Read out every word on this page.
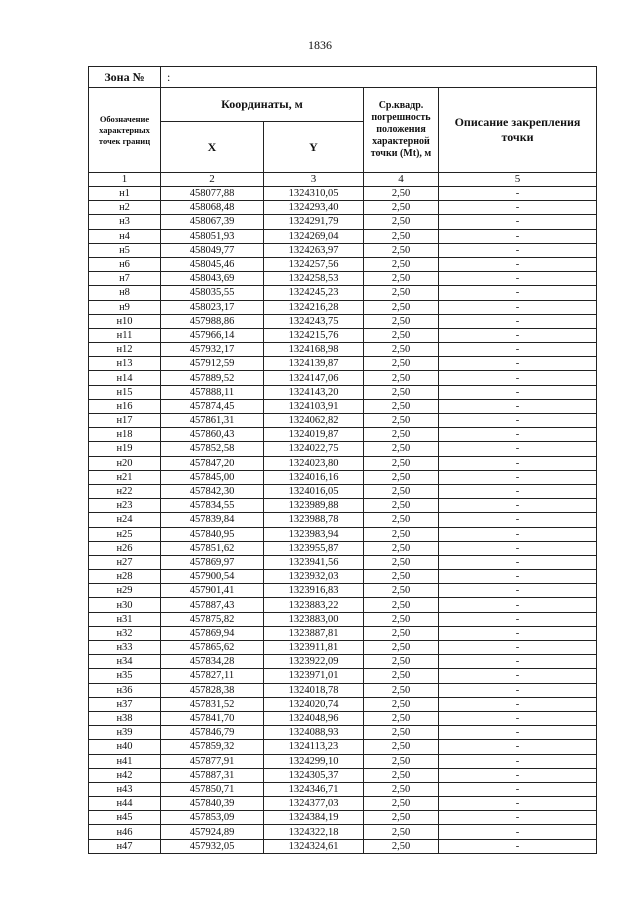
1836
Зона №	:			
Обозначение характерных точек границ	Координаты, м		Ср.квадр. погрешность положения характерной точки (Mt), м	Описание закрепления точки
	X	Y		
1	2	3	4	5
н1	458077,88	1324310,05	2,50	-
н2	458068,48	1324293,40	2,50	-
н3	458067,39	1324291,79	2,50	-
н4	458051,93	1324269,04	2,50	-
н5	458049,77	1324263,97	2,50	-
н6	458045,46	1324257,56	2,50	-
н7	458043,69	1324258,53	2,50	-
н8	458035,55	1324245,23	2,50	-
н9	458023,17	1324216,28	2,50	-
н10	457988,86	1324243,75	2,50	-
н11	457966,14	1324215,76	2,50	-
н12	457932,17	1324168,98	2,50	-
н13	457912,59	1324139,87	2,50	-
н14	457889,52	1324147,06	2,50	-
н15	457888,11	1324143,20	2,50	-
н16	457874,45	1324103,91	2,50	-
н17	457861,31	1324062,82	2,50	-
н18	457860,43	1324019,87	2,50	-
н19	457852,58	1324022,75	2,50	-
н20	457847,20	1324023,80	2,50	-
н21	457845,00	1324016,16	2,50	-
н22	457842,30	1324016,05	2,50	-
н23	457834,55	1323989,88	2,50	-
н24	457839,84	1323988,78	2,50	-
н25	457840,95	1323983,94	2,50	-
н26	457851,62	1323955,87	2,50	-
н27	457869,97	1323941,56	2,50	-
н28	457900,54	1323932,03	2,50	-
н29	457901,41	1323916,83	2,50	-
н30	457887,43	1323883,22	2,50	-
н31	457875,82	1323883,00	2,50	-
н32	457869,94	1323887,81	2,50	-
н33	457865,62	1323911,81	2,50	-
н34	457834,28	1323922,09	2,50	-
н35	457827,11	1323971,01	2,50	-
н36	457828,38	1324018,78	2,50	-
н37	457831,52	1324020,74	2,50	-
н38	457841,70	1324048,96	2,50	-
н39	457846,79	1324088,93	2,50	-
н40	457859,32	1324113,23	2,50	-
н41	457877,91	1324299,10	2,50	-
н42	457887,31	1324305,37	2,50	-
н43	457850,71	1324346,71	2,50	-
н44	457840,39	1324377,03	2,50	-
н45	457853,09	1324384,19	2,50	-
н46	457924,89	1324322,18	2,50	-
н47	457932,05	1324324,61	2,50	-
